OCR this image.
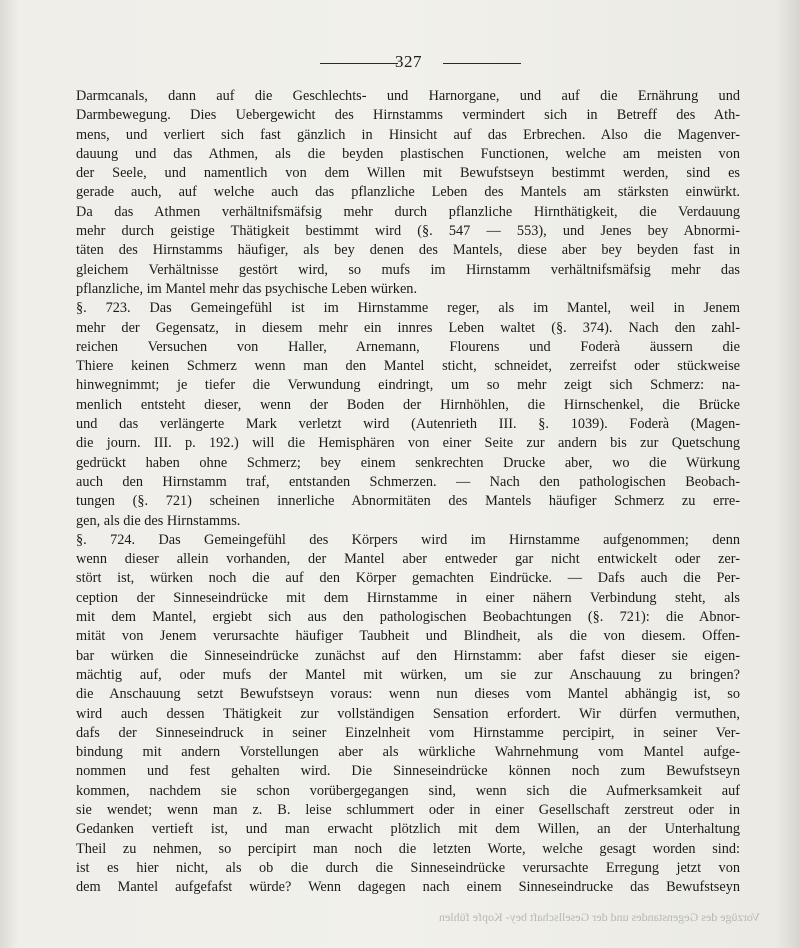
327
Darmcanals, dann auf die Geschlechts- und Harnorgane, und auf die Ernährung und
Darmbewegung. Dies Uebergewicht des Hirnstamms vermindert sich in Betreff des Ath-
mens, und verliert sich fast gänzlich in Hinsicht auf das Erbrechen. Also die Magenver-
dauung und das Athmen, als die beyden plastischen Functionen, welche am meisten von
der Seele, und namentlich von dem Willen mit Bewufstseyn bestimmt werden, sind es
gerade auch, auf welche auch das pflanzliche Leben des Mantels am stärksten einwürkt.
Da das Athmen verhältnifsmäfsig mehr durch pflanzliche Hirnthätigkeit, die Verdauung
mehr durch geistige Thätigkeit bestimmt wird (§. 547 — 553), und Jenes bey Abnormi-
täten des Hirnstamms häufiger, als bey denen des Mantels, diese aber bey beyden fast in
gleichem Verhältnisse gestört wird, so mufs im Hirnstamm verhältnifsmäfsig mehr das
pflanzliche, im Mantel mehr das psychische Leben würken.
§. 723. Das Gemeingefühl ist im Hirnstamme reger, als im Mantel, weil in Jenem
mehr der Gegensatz, in diesem mehr ein innres Leben waltet (§. 374). Nach den zahl-
reichen Versuchen von Haller, Arnemann, Flourens und Foderà äussern die
Thiere keinen Schmerz wenn man den Mantel sticht, schneidet, zerreifst oder stückweise
hinwegnimmt; je tiefer die Verwundung eindringt, um so mehr zeigt sich Schmerz: na-
menlich entsteht dieser, wenn der Boden der Hirnhöhlen, die Hirnschenkel, die Brücke
und das verlängerte Mark verletzt wird (Autenrieth III. §. 1039). Foderà (Magen-
die journ. III. p. 192.) will die Hemisphären von einer Seite zur andern bis zur Quetschung
gedrückt haben ohne Schmerz; bey einem senkrechten Drucke aber, wo die Würkung
auch den Hirnstamm traf, entstanden Schmerzen. — Nach den pathologischen Beobach-
tungen (§. 721) scheinen innerliche Abnormitäten des Mantels häufiger Schmerz zu erre-
gen, als die des Hirnstamms.
§. 724. Das Gemeingefühl des Körpers wird im Hirnstamme aufgenommen; denn
wenn dieser allein vorhanden, der Mantel aber entweder gar nicht entwickelt oder zer-
stört ist, würken noch die auf den Körper gemachten Eindrücke. — Dafs auch die Per-
ception der Sinneseindrücke mit dem Hirnstamme in einer nähern Verbindung steht, als
mit dem Mantel, ergiebt sich aus den pathologischen Beobachtungen (§. 721): die Abnor-
mität von Jenem verursachte häufiger Taubheit und Blindheit, als die von diesem. Offen-
bar würken die Sinneseindrücke zunächst auf den Hirnstamm: aber fafst dieser sie eigen-
mächtig auf, oder mufs der Mantel mit würken, um sie zur Anschauung zu bringen?
die Anschauung setzt Bewufstseyn voraus: wenn nun dieses vom Mantel abhängig ist, so
wird auch dessen Thätigkeit zur vollständigen Sensation erfordert. Wir dürfen vermuthen,
dafs der Sinneseindruck in seiner Einzelnheit vom Hirnstamme percipirt, in seiner Ver-
bindung mit andern Vorstellungen aber als würkliche Wahrnehmung vom Mantel aufge-
nommen und fest gehalten wird. Die Sinneseindrücke können noch zum Bewufstseyn
kommen, nachdem sie schon vorübergegangen sind, wenn sich die Aufmerksamkeit auf
sie wendet; wenn man z. B. leise schlummert oder in einer Gesellschaft zerstreut oder in
Gedanken vertieft ist, und man erwacht plötzlich mit dem Willen, an der Unterhaltung
Theil zu nehmen, so percipirt man noch die letzten Worte, welche gesagt worden sind:
ist es hier nicht, als ob die durch die Sinneseindrücke verursachte Erregung jetzt von
dem Mantel aufgefafst würde? Wenn dagegen nach einem Sinneseindrucke das Bewufstseyn
Vorzüge des Gegenstandes und der Gesellschaft bey- Kopfe fühlen
